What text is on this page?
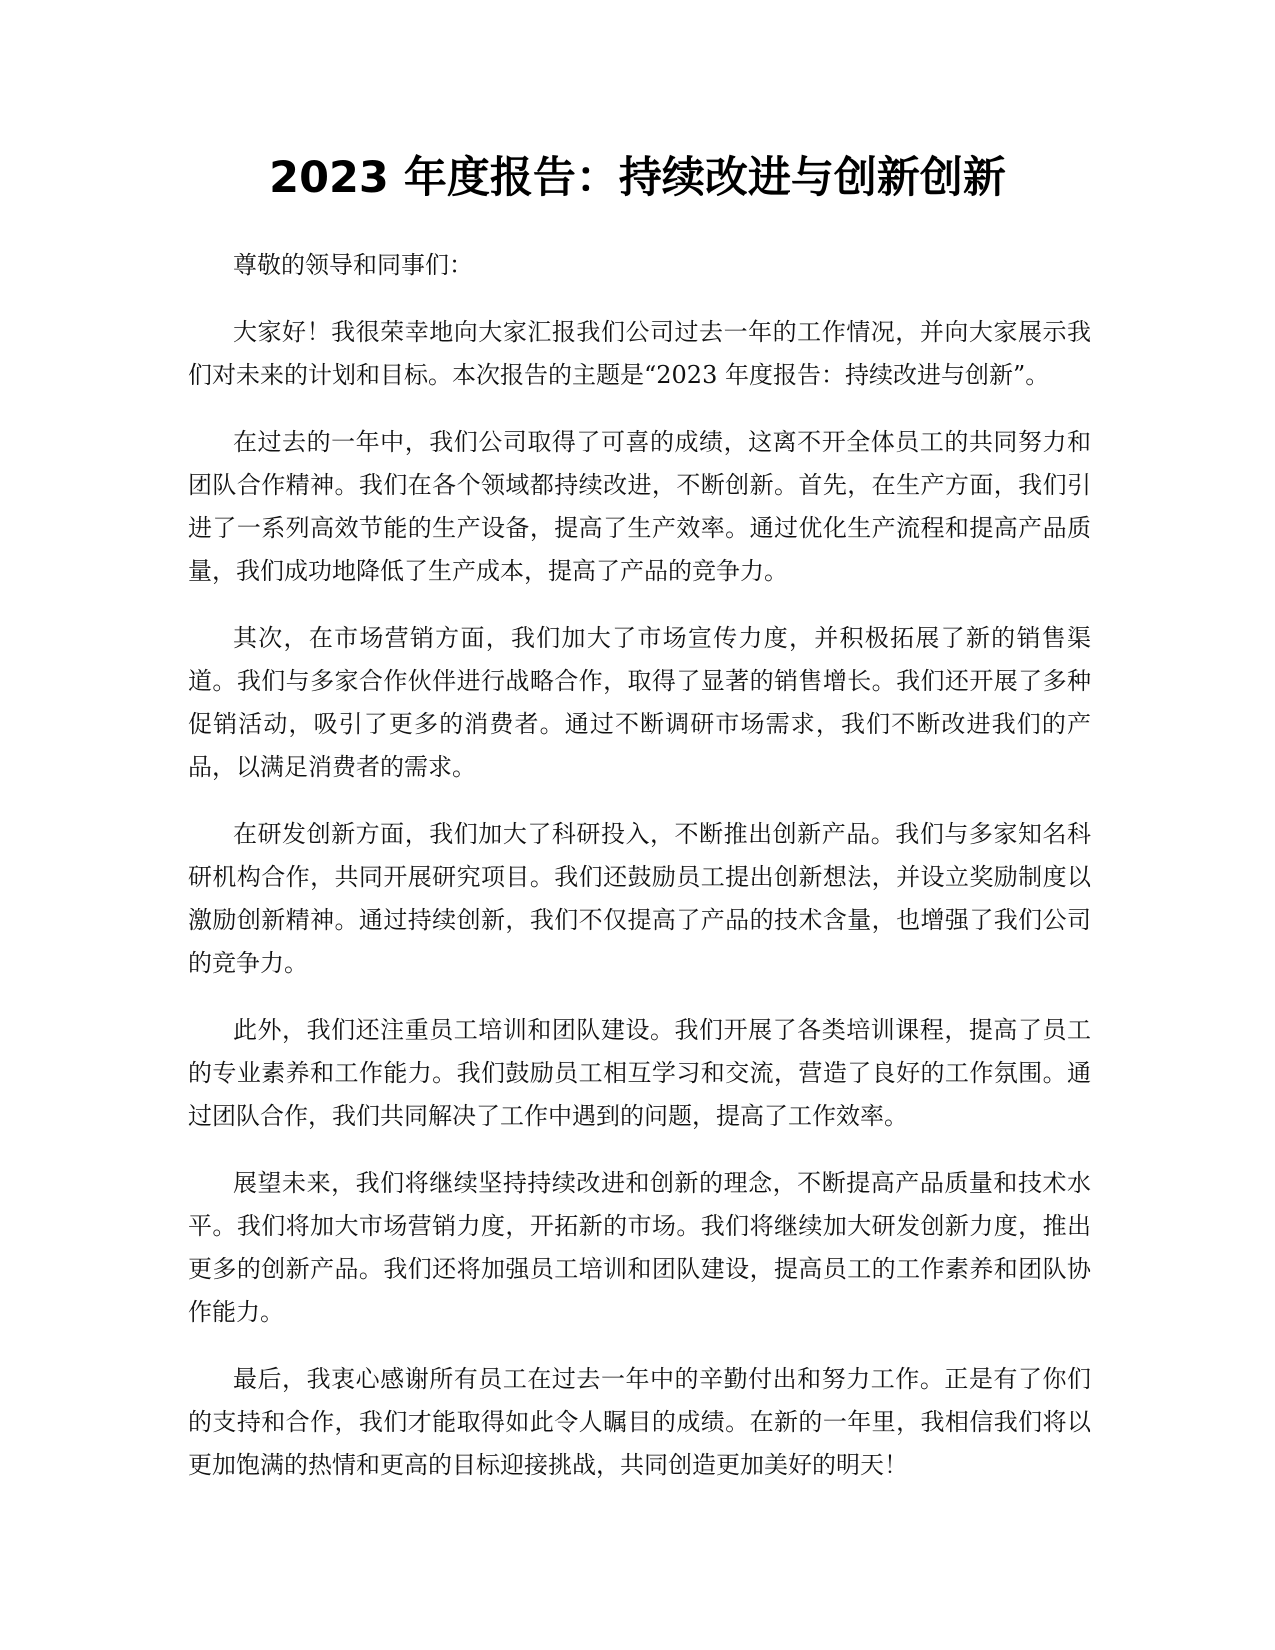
2023 年度报告：持续改进与创新创新

尊敬的领导和同事们：

大家好！我很荣幸地向大家汇报我们公司过去一年的工作情况，并向大家展示我们对未来的计划和目标。本次报告的主题是“2023 年度报告：持续改进与创新”。

在过去的一年中，我们公司取得了可喜的成绩，这离不开全体员工的共同努力和团队合作精神。我们在各个领域都持续改进，不断创新。首先，在生产方面，我们引进了一系列高效节能的生产设备，提高了生产效率。通过优化生产流程和提高产品质量，我们成功地降低了生产成本，提高了产品的竞争力。

其次，在市场营销方面，我们加大了市场宣传力度，并积极拓展了新的销售渠道。我们与多家合作伙伴进行战略合作，取得了显著的销售增长。我们还开展了多种促销活动，吸引了更多的消费者。通过不断调研市场需求，我们不断改进我们的产品，以满足消费者的需求。

在研发创新方面，我们加大了科研投入，不断推出创新产品。我们与多家知名科研机构合作，共同开展研究项目。我们还鼓励员工提出创新想法，并设立奖励制度以激励创新精神。通过持续创新，我们不仅提高了产品的技术含量，也增强了我们公司的竞争力。

此外，我们还注重员工培训和团队建设。我们开展了各类培训课程，提高了员工的专业素养和工作能力。我们鼓励员工相互学习和交流，营造了良好的工作氛围。通过团队合作，我们共同解决了工作中遇到的问题，提高了工作效率。

展望未来，我们将继续坚持持续改进和创新的理念，不断提高产品质量和技术水平。我们将加大市场营销力度，开拓新的市场。我们将继续加大研发创新力度，推出更多的创新产品。我们还将加强员工培训和团队建设，提高员工的工作素养和团队协作能力。

最后，我衷心感谢所有员工在过去一年中的辛勤付出和努力工作。正是有了你们的支持和合作，我们才能取得如此令人瞩目的成绩。在新的一年里，我相信我们将以更加饱满的热情和更高的目标迎接挑战，共同创造更加美好的明天！
